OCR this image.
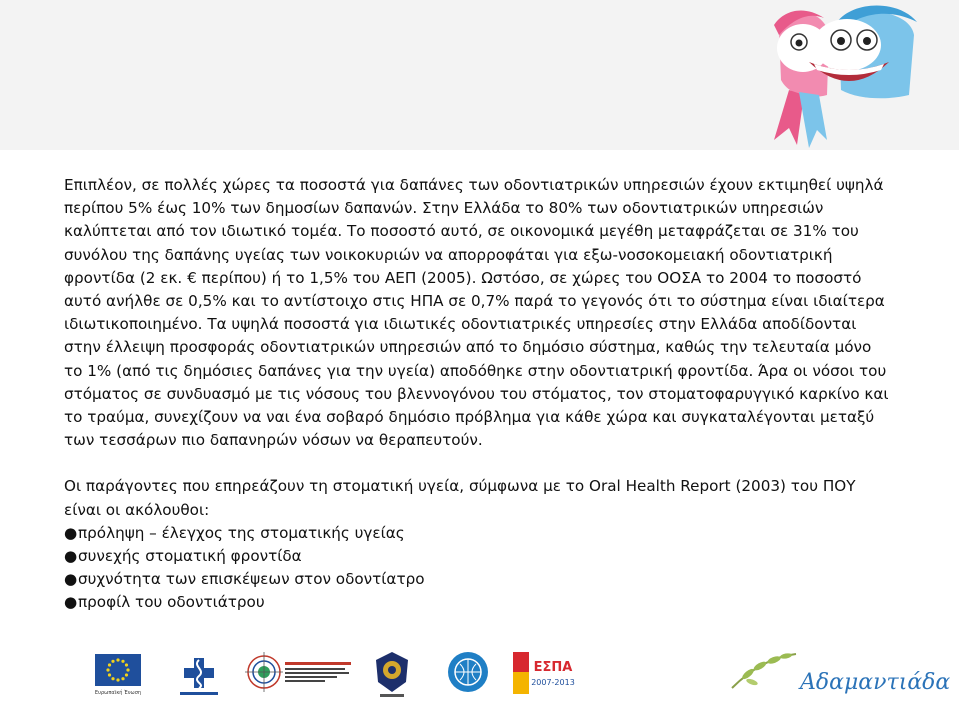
Επιπλέον, σε πολλές χώρες τα ποσοστά για δαπάνες των οδοντιατρικών υπηρεσιών έχουν εκτιμηθεί υψηλά περίπου 5% έως 10% των δημοσίων δαπανών. Στην Ελλάδα το 80% των οδοντιατρικών υπηρεσιών καλύπτεται από τον ιδιωτικό τομέα. Το ποσοστό αυτό, σε οικονομικά μεγέθη μεταφράζεται σε 31% του συνόλου της δαπάνης υγείας των νοικοκυριών να απορροφάται για εξω-νοσοκομειακή οδοντιατρική φροντίδα (2 εκ. € περίπου) ή το 1,5% του ΑΕΠ (2005). Ωστόσο, σε χώρες του ΟΟΣΑ το 2004 το ποσοστό αυτό ανήλθε σε 0,5% και το αντίστοιχο στις ΗΠΑ σε 0,7% παρά το γεγονός ότι το σύστημα είναι ιδιαίτερα ιδιωτικοποιημένο. Τα υψηλά ποσοστά για ιδιωτικές οδοντιατρικές υπηρεσίες στην Ελλάδα αποδίδονται στην έλλειψη προσφοράς οδοντιατρικών υπηρεσιών από το δημόσιο σύστημα, καθώς την τελευταία μόνο το 1% (από τις δημόσιες δαπάνες για την υγεία) αποδόθηκε στην οδοντιατρική φροντίδα. Άρα οι νόσοι του στόματος σε συνδυασμό με τις νόσους του βλεννογόνου του στόματος, τον στοματοφαρυγγικό καρκίνο και το τραύμα, συνεχίζουν να ναι ένα σοβαρό δημόσιο πρόβλημα για κάθε χώρα και συγκαταλέγονται μεταξύ των τεσσάρων πιο δαπανηρών νόσων να θεραπευτούν.

Οι παράγοντες που επηρεάζουν τη στοματική υγεία, σύμφωνα με το Oral Health Report (2003) του ΠΟΥ είναι οι ακόλουθοι:

●πρόληψη – έλεγχος της στοματικής υγείας
●συνεχής στοματική φροντίδα
●συχνότητα των επισκέψεων στον οδοντίατρο
●προφίλ του οδοντιάτρου
Ευρωπαϊκή Ένωση
ΕΣΠΑ
2007-2013	Αδαμαντιάδα
